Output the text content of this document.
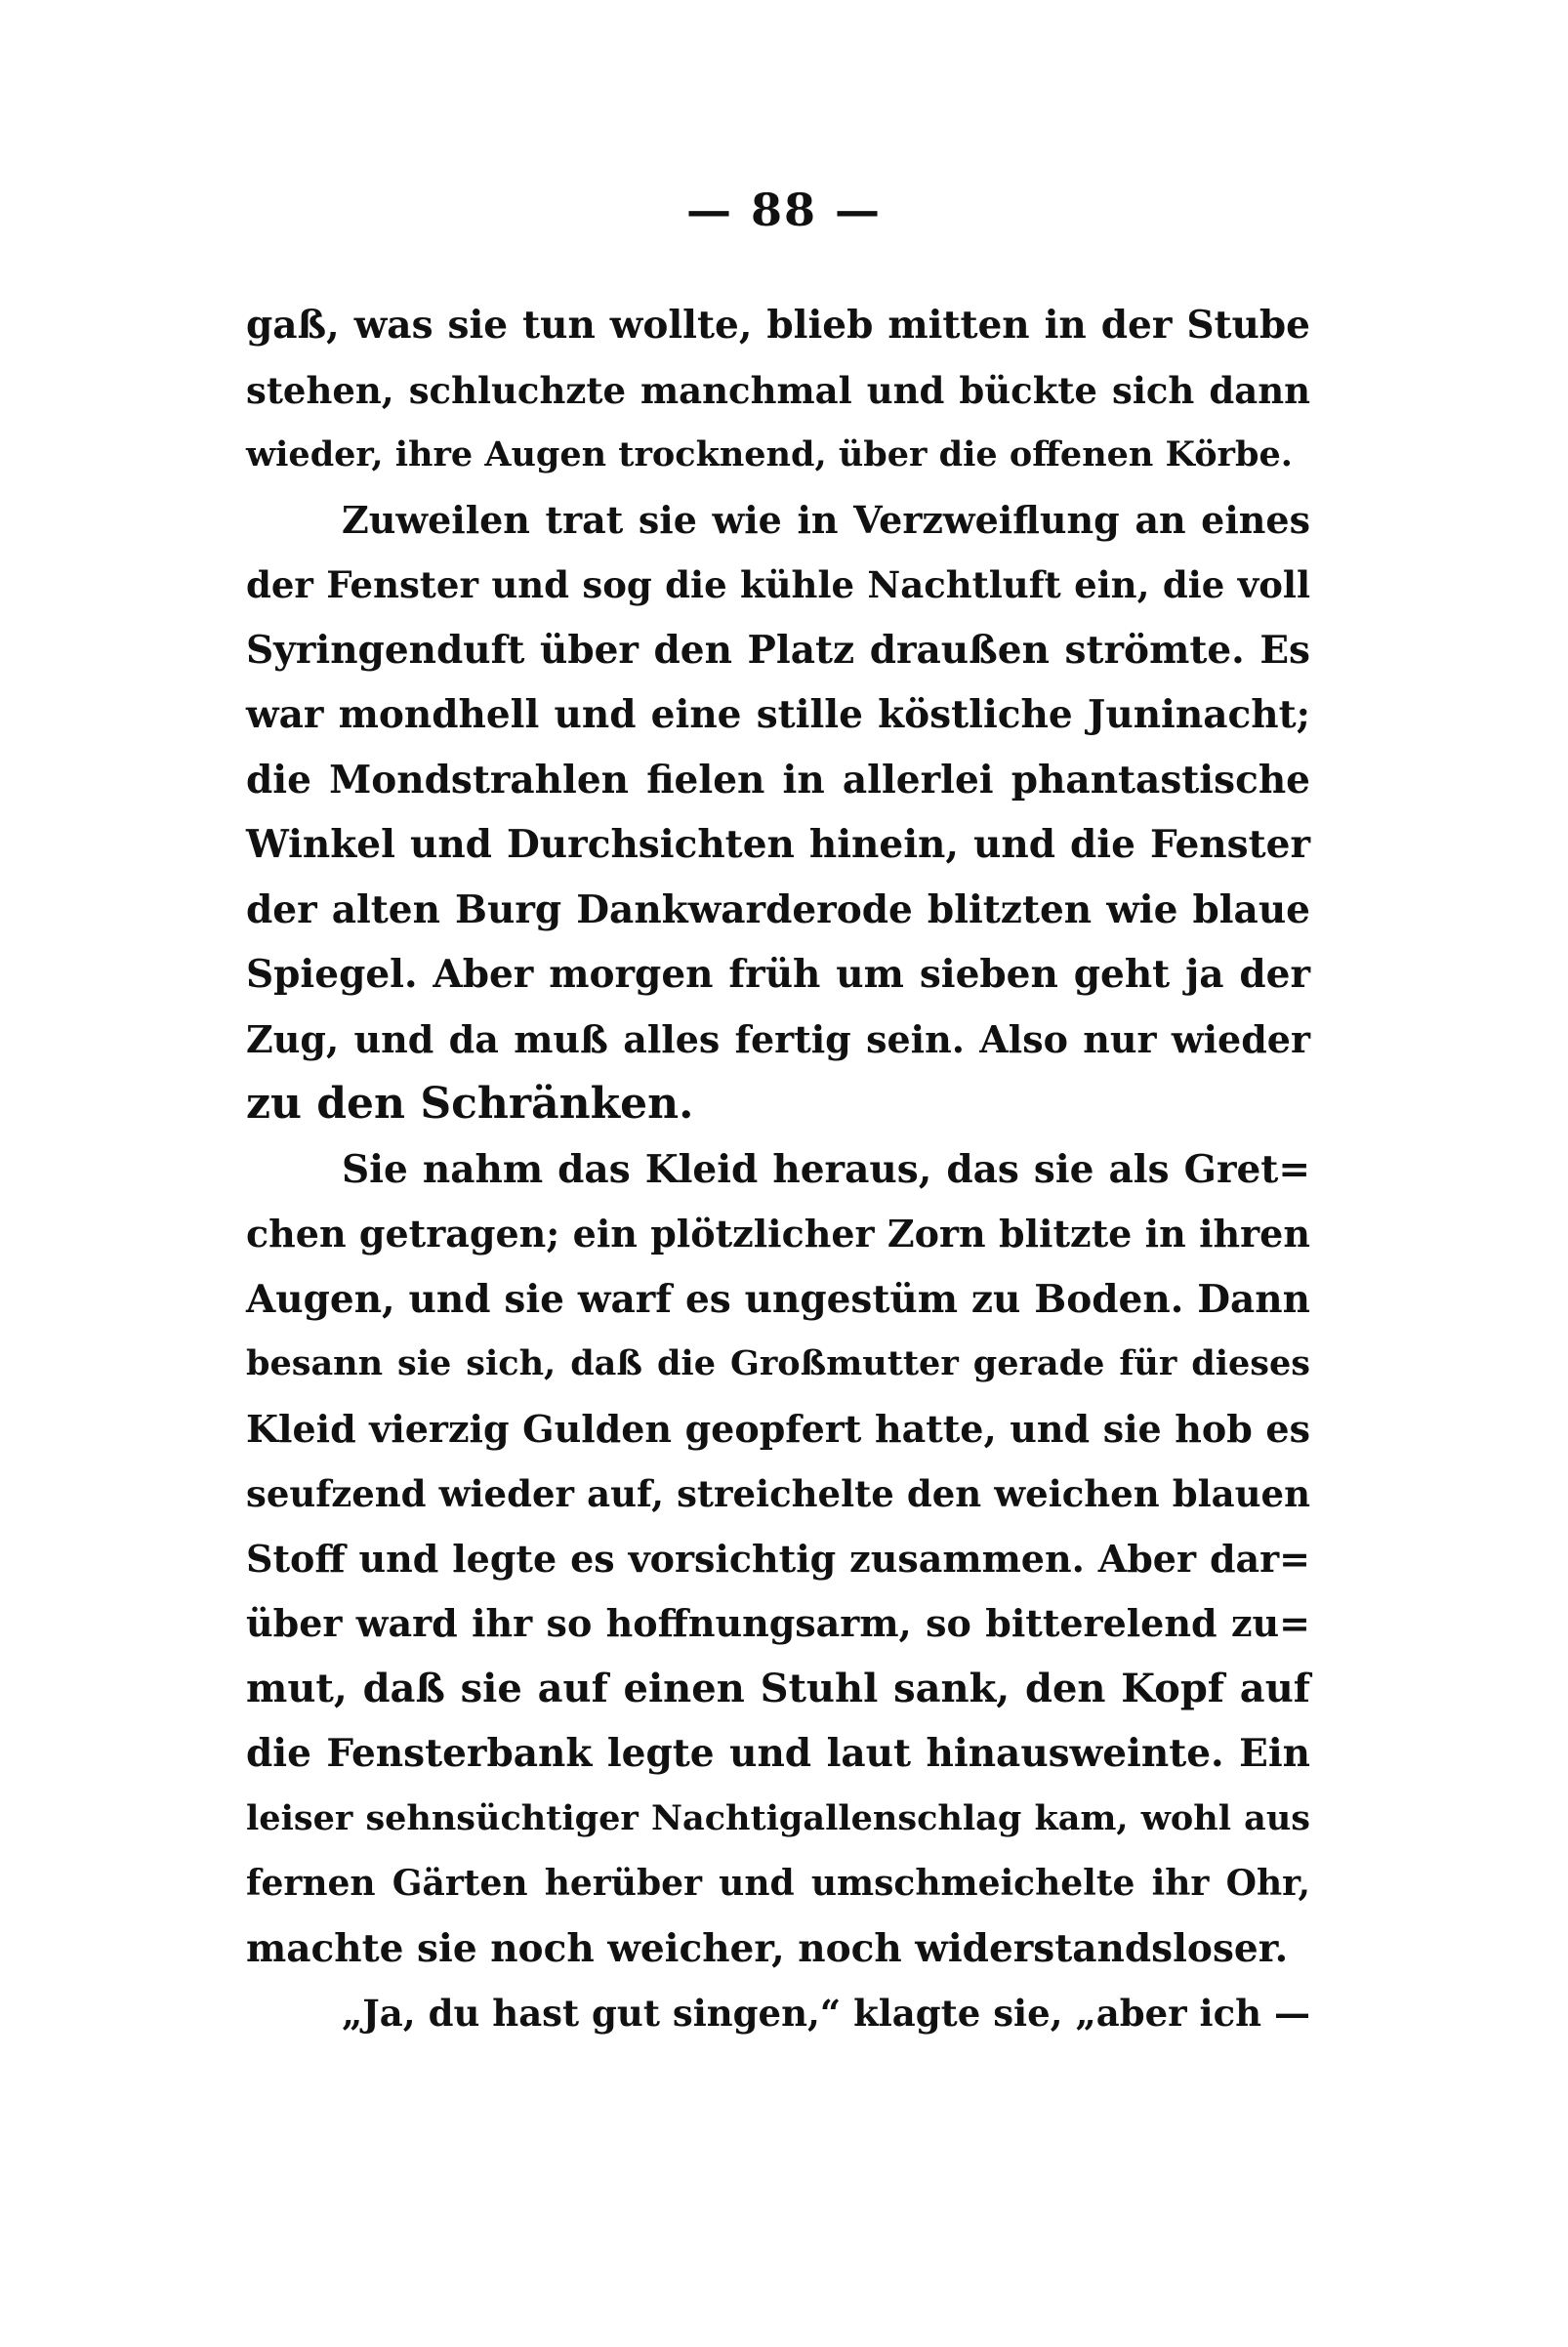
— 88 —
gaß, was sie tun wollte, blieb mitten in der Stube
stehen, schluchzte manchmal und bückte sich dann
wieder, ihre Augen trocknend, über die offenen Körbe.
Zuweilen trat sie wie in Verzweiflung an eines
der Fenster und sog die kühle Nachtluft ein, die voll
Syringenduft über den Platz draußen strömte. Es
war mondhell und eine stille köstliche Juninacht;
die Mondstrahlen fielen in allerlei phantastische
Winkel und Durchsichten hinein, und die Fenster
der alten Burg Dankwarderode blitzten wie blaue
Spiegel. Aber morgen früh um sieben geht ja der
Zug, und da muß alles fertig sein. Also nur wieder
zu den Schränken.
Sie nahm das Kleid heraus, das sie als Gret=
chen getragen; ein plötzlicher Zorn blitzte in ihren
Augen, und sie warf es ungestüm zu Boden. Dann
besann sie sich, daß die Großmutter gerade für dieses
Kleid vierzig Gulden geopfert hatte, und sie hob es
seufzend wieder auf, streichelte den weichen blauen
Stoff und legte es vorsichtig zusammen. Aber dar=
über ward ihr so hoffnungsarm, so bitterelend zu=
mut, daß sie auf einen Stuhl sank, den Kopf auf
die Fensterbank legte und laut hinausweinte. Ein
leiser sehnsüchtiger Nachtigallenschlag kam, wohl aus
fernen Gärten herüber und umschmeichelte ihr Ohr,
machte sie noch weicher, noch widerstandsloser.
„Ja, du hast gut singen,“ klagte sie, „aber ich —
